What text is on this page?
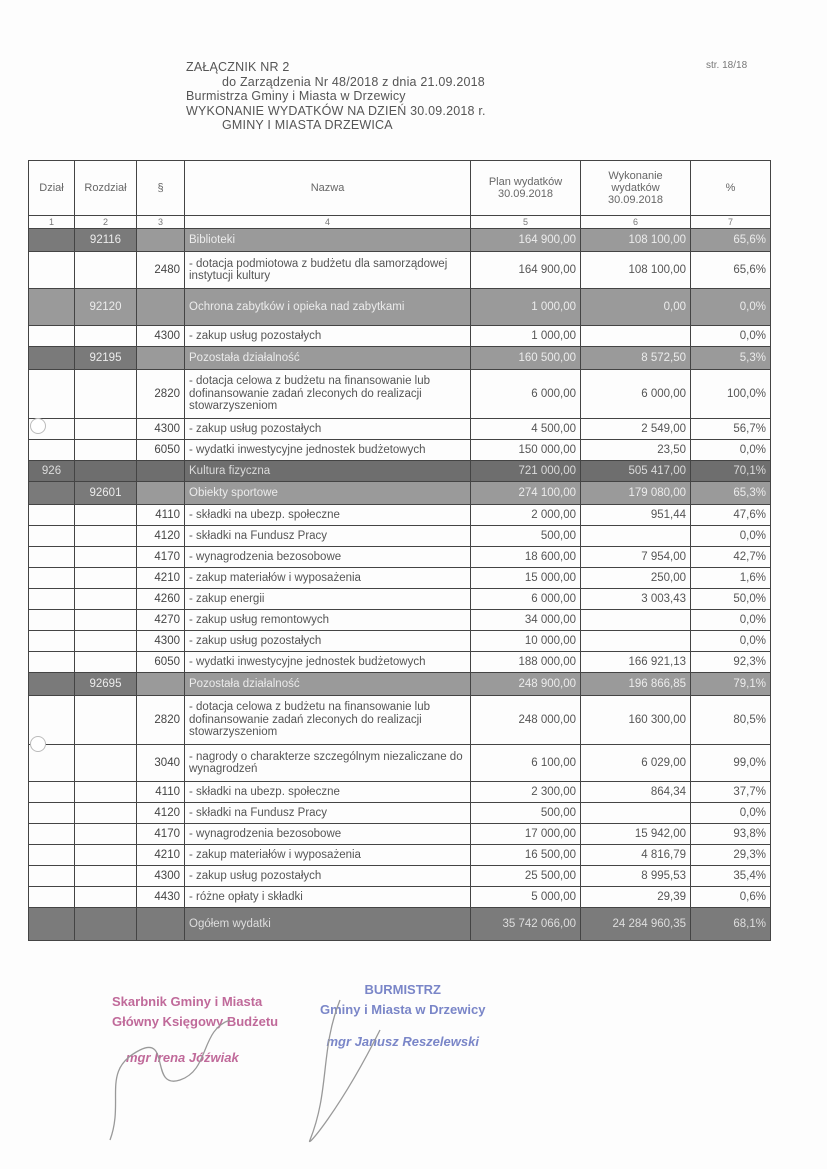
ZAŁĄCZNIK NR 2
do Zarządzenia Nr 48/2018 z dnia 21.09.2018
Burmistrza Gminy i Miasta w Drzewicy
WYKONANIE WYDATKÓW NA DZIEŃ 30.09.2018 r.
GMINY I MIASTA DRZEWICA
str. 18/18
Dział	Rozdział	§	Nazwa	Plan wydatków 30.09.2018	Wykonanie wydatków 30.09.2018	%
1	2	3	4	5	6	7
	92116		Biblioteki	164 900,00	108 100,00	65,6%
		2480	- dotacja podmiotowa z budżetu dla samorządowej instytucji kultury	164 900,00	108 100,00	65,6%
	92120		Ochrona zabytków i opieka nad zabytkami	1 000,00	0,00	0,0%
		4300	- zakup usług pozostałych	1 000,00		0,0%
	92195		Pozostała działalność	160 500,00	8 572,50	5,3%
		2820	- dotacja celowa z budżetu na finansowanie lub dofinansowanie zadań zleconych do realizacji stowarzyszeniom	6 000,00	6 000,00	100,0%
		4300	- zakup usług pozostałych	4 500,00	2 549,00	56,7%
		6050	- wydatki inwestycyjne jednostek budżetowych	150 000,00	23,50	0,0%
926			Kultura fizyczna	721 000,00	505 417,00	70,1%
	92601		Obiekty sportowe	274 100,00	179 080,00	65,3%
		4110	- składki na ubezp. społeczne	2 000,00	951,44	47,6%
		4120	- składki na Fundusz Pracy	500,00		0,0%
		4170	- wynagrodzenia bezosobowe	18 600,00	7 954,00	42,7%
		4210	- zakup materiałów i wyposażenia	15 000,00	250,00	1,6%
		4260	- zakup energii	6 000,00	3 003,43	50,0%
		4270	- zakup usług remontowych	34 000,00		0,0%
		4300	- zakup usług pozostałych	10 000,00		0,0%
		6050	- wydatki inwestycyjne jednostek budżetowych	188 000,00	166 921,13	92,3%
	92695		Pozostała działalność	248 900,00	196 866,85	79,1%
		2820	- dotacja celowa z budżetu na finansowanie lub dofinansowanie zadań zleconych do realizacji stowarzyszeniom	248 000,00	160 300,00	80,5%
		3040	- nagrody o charakterze szczególnym niezaliczane do wynagrodzeń	6 100,00	6 029,00	99,0%
		4110	- składki na ubezp. społeczne	2 300,00	864,34	37,7%
		4120	- składki na Fundusz Pracy	500,00		0,0%
		4170	- wynagrodzenia bezosobowe	17 000,00	15 942,00	93,8%
		4210	- zakup materiałów i wyposażenia	16 500,00	4 816,79	29,3%
		4300	- zakup usług pozostałych	25 500,00	8 995,53	35,4%
		4430	- różne opłaty i składki	5 000,00	29,39	0,6%
			Ogółem wydatki	35 742 066,00	24 284 960,35	68,1%
Skarbnik Gminy i Miasta
Główny Księgowy Budżetu
mgr Irena Jóźwiak
BURMISTRZ
Gminy i Miasta w Drzewicy
mgr Janusz Reszelewski
